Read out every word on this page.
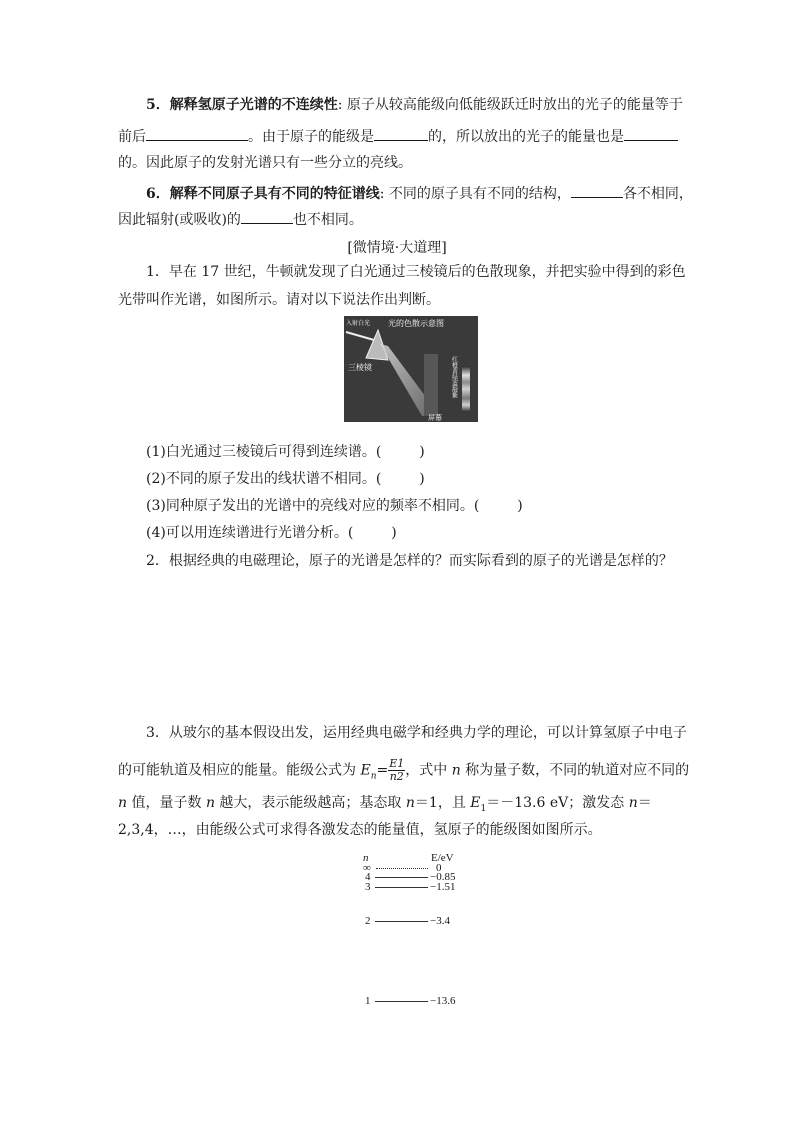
5．解释氢原子光谱的不连续性: 原子从较高能级向低能级跃迁时放出的光子的能量等于
前后	。由于原子的能级是	的，所以放出的光子的能量也是
的。因此原子的发射光谱只有一些分立的亮线。
6．解释不同原子具有不同的特征谱线: 不同的原子具有不同的结构，	各不相同，
因此辐射(或吸收)的	也不相同。
[微情境·大道理]
1．早在 17 世纪，牛顿就发现了白光通过三棱镜后的色散现象，并把实验中得到的彩色
光带叫作光谱，如图所示。请对以下说法作出判断。
入射白光 光的色散示意图
三棱镜
屏幕
红橙黄绿蓝靛紫
(1)白光通过三棱镜后可得到连续谱。(	)
(2)不同的原子发出的线状谱不相同。(	)
(3)同种原子发出的光谱中的亮线对应的频率不相同。(	)
(4)可以用连续谱进行光谱分析。(	)
2．根据经典的电磁理论，原子的光谱是怎样的？而实际看到的原子的光谱是怎样的？
3．从玻尔的基本假设出发，运用经典电磁学和经典力学的理论，可以计算氢原子中电子
的可能轨道及相应的能量。能级公式为 $E_n= \frac{E1}{n2}$ ，式中 n 称为量子数，不同的轨道对应不同的
n 值，量子数 n 越大，表示能级越高；基态取 n＝1，且 $E_1=-13.6$ eV；激发态 n＝
2,3,4，…，由能级公式可求得各激发态的能量值，氢原子的能级图如图所示。
n	E/eV
∞	0
4	−0.85
3	−1.51
2	−3.4
1	−13.6
